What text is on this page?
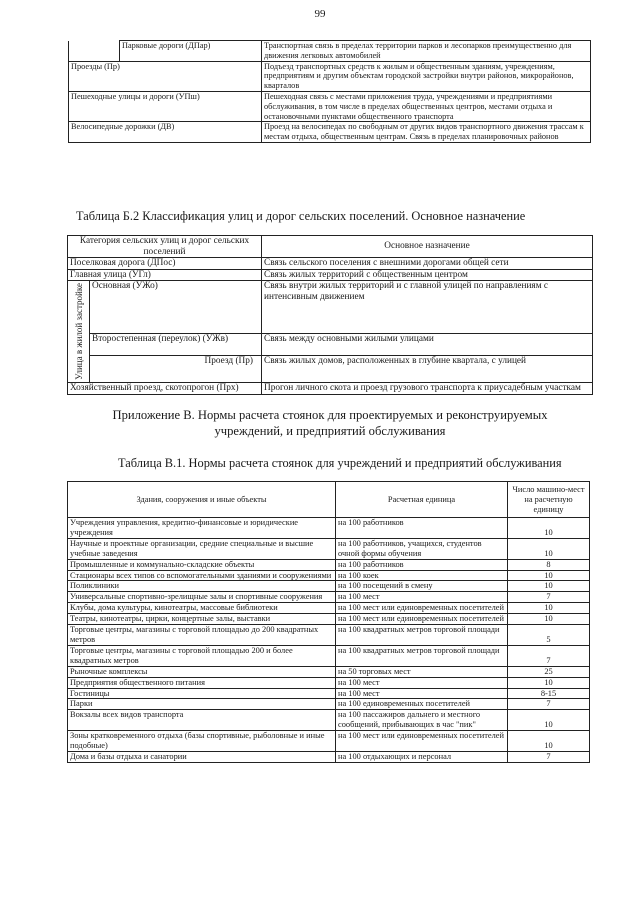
99
	Парковые дороги (ДПар)	Транспортная связь в пределах территории парков и лесопарков преимущественно для движения легковых автомобилей
Проезды (Пр)		Подъезд транспортных средств к жилым и общественным зданиям, учреждениям, предприятиям и другим объектам городской застройки внутри районов, микрорайонов, кварталов
Пешеходные улицы и дороги (УПш)		Пешеходная связь с местами приложения труда, учреждениями и предприятиями обслуживания, в том числе в пределах общественных центров, местами отдыха и остановочными пунктами общественного транспорта
Велосипедные дорожки (ДВ)		Проезд на велосипедах по свободным от других видов транспортного движения трассам к местам отдыха, общественным центрам. Связь в пределах планировочных районов
Таблица Б.2 Классификация улиц и дорог сельских поселений. Основное назначение
Категория сельских улиц и дорог сельских поселений		Основное назначение
Поселковая дорога (ДПос)		Связь сельского поселения с внешними дорогами общей сети
Главная улица (УГл)		Связь жилых территорий с общественным центром
Улица в жилой застройке	Основная (УЖо)	Связь внутри жилых территорий и с главной улицей по направлениям с интенсивным движением
	Второстепенная (переулок) (УЖв)	Связь между основными жилыми улицами
	Проезд (Пр)	Связь жилых домов, расположенных в глубине квартала, с улицей
Хозяйственный проезд, скотопрогон (Прх)		Прогон личного скота и проезд грузового транспорта к приусадебным участкам
Приложение В. Нормы расчета стоянок для проектируемых и реконструируемых учреждений, и предприятий обслуживания
Таблица В.1. Нормы расчета стоянок для учреждений и предприятий обслуживания
Здания, сооружения и иные объекты	Расчетная единица	Число машино-мест на расчетную единицу
Учреждения управления, кредитно-финансовые и юридические учреждения	на 100 работников	10
Научные и проектные организации, средние специальные и высшие учебные заведения	на 100 работников, учащихся, студентов очной формы обучения	10
Промышленные и коммунально-складские объекты	на 100 работников	8
Стационары всех типов со вспомогательными зданиями и сооружениями	на 100 коек	10
Поликлиники	на 100 посещений в смену	10
Универсальные спортивно-зрелищные залы и спортивные сооружения	на 100 мест	7
Клубы, дома культуры, кинотеатры, массовые библиотеки	на 100 мест или единовременных посетителей	10
Театры, кинотеатры, цирки, концертные залы, выставки	на 100 мест или единовременных посетителей	10
Торговые центры, магазины с торговой площадью до 200 квадратных метров	на 100 квадратных метров торговой площади	5
Торговые центры, магазины с торговой площадью 200 и более квадратных метров	на 100 квадратных метров торговой площади	7
Рыночные комплексы	на 50 торговых мест	25
Предприятия общественного питания	на 100 мест	10
Гостиницы	на 100 мест	8-15
Парки	на 100 единовременных посетителей	7
Вокзалы всех видов транспорта	на 100 пассажиров дальнего и местного сообщений, прибывающих в час "пик"	10
Зоны кратковременного отдыха (базы спортивные, рыболовные и иные подобные)	на 100 мест или единовременных посетителей	10
Дома и базы отдыха и санатории	на 100 отдыхающих и персонал	7
